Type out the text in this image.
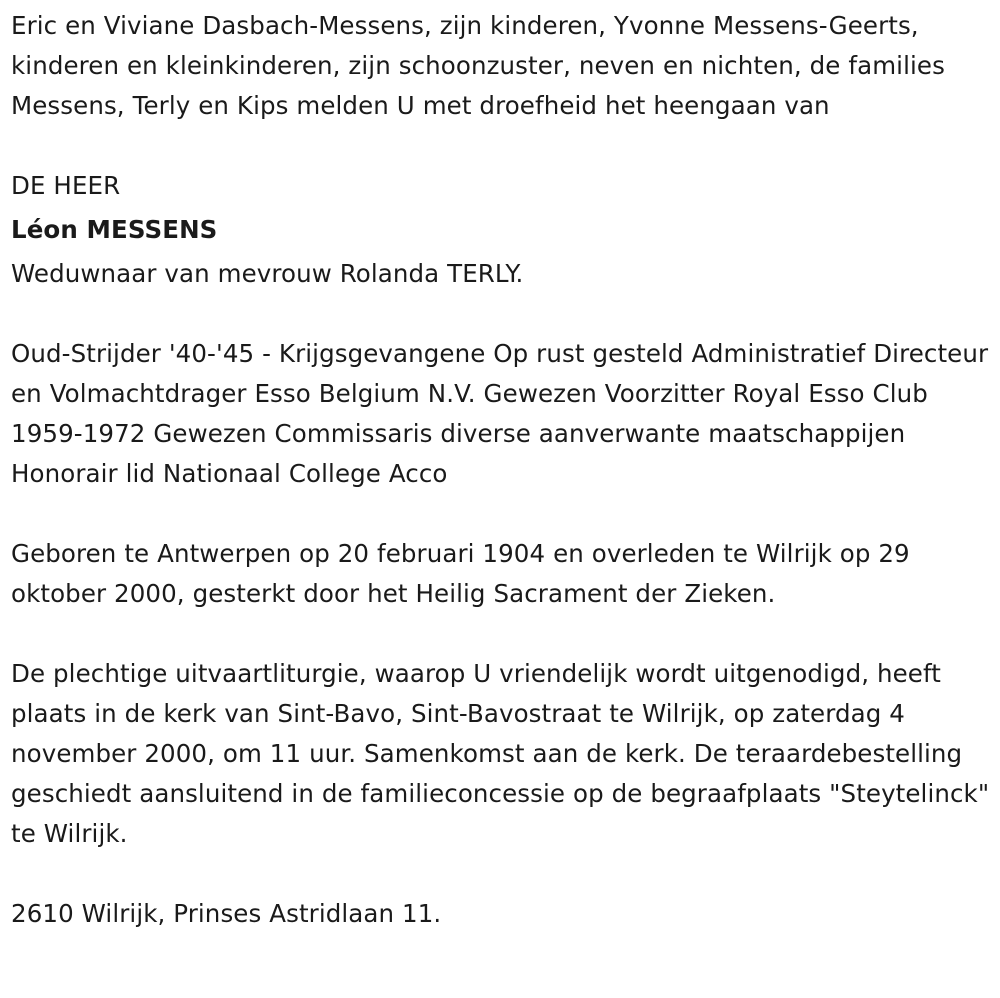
Eric en Viviane Dasbach-Messens, zijn kinderen, Yvonne Messens-Geerts, kinderen en kleinkinderen, zijn schoonzuster, neven en nichten, de families Messens, Terly en Kips melden U met droefheid het heengaan van

DE HEER

Léon MESSENS

Weduwnaar van mevrouw Rolanda TERLY.

Oud-Strijder '40-'45 - Krijgsgevangene Op rust gesteld Administratief Directeur en Volmachtdrager Esso Belgium N.V. Gewezen Voorzitter Royal Esso Club 1959-1972 Gewezen Commissaris diverse aanverwante maatschappijen Honorair lid Nationaal College Acco

Geboren te Antwerpen op 20 februari 1904 en overleden te Wilrijk op 29 oktober 2000, gesterkt door het Heilig Sacrament der Zieken.

De plechtige uitvaartliturgie, waarop U vriendelijk wordt uitgenodigd, heeft plaats in de kerk van Sint-Bavo, Sint-Bavostraat te Wilrijk, op zaterdag 4 november 2000, om 11 uur. Samenkomst aan de kerk. De teraardebestelling geschiedt aansluitend in de familieconcessie op de begraafplaats "Steytelinck" te Wilrijk.

2610 Wilrijk, Prinses Astridlaan 11.
